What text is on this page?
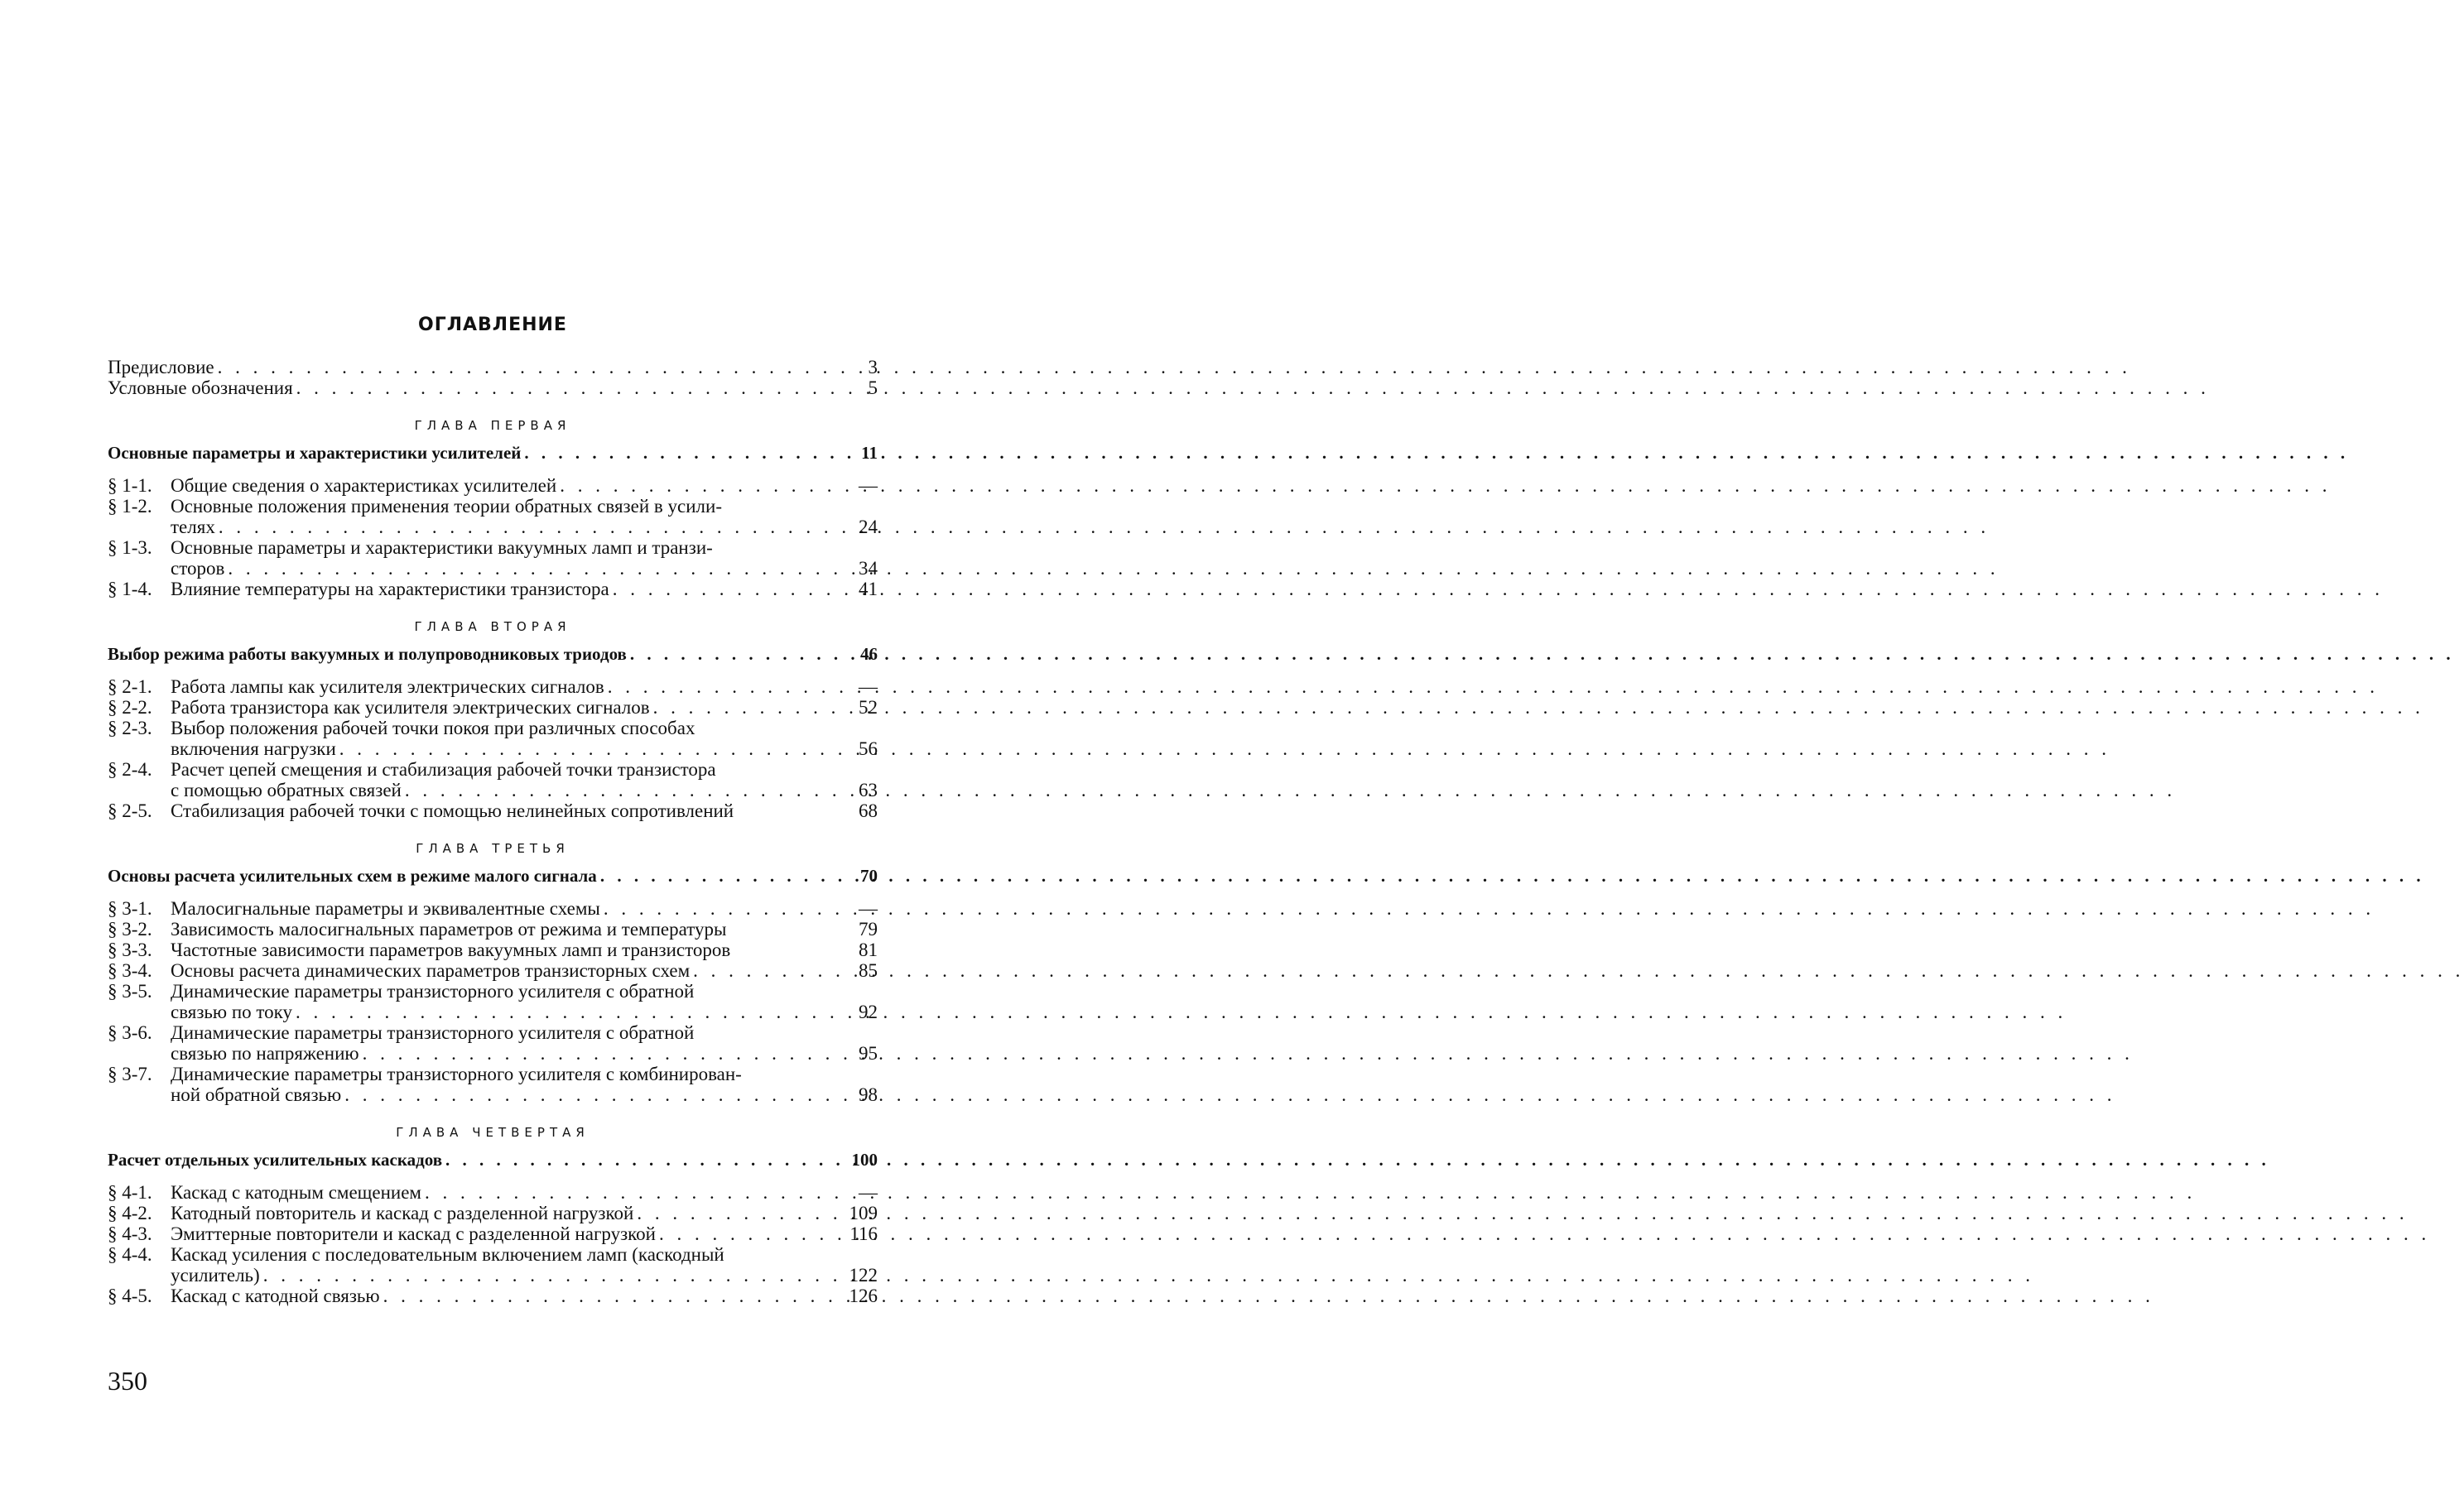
ОГЛАВЛЕНИЕ
Предисловие . . .	3
Условные обозначения . . .	5
ГЛАВА ПЕРВАЯ
Основные параметры и характеристики усилителей . . .	11
§ 1-1. Общие сведения о характеристиках усилителей . . .	—
§ 1-2. Основные положения применения теории обратных связей в усили-
телях . . .	24
§ 1-3. Основные параметры и характеристики вакуумных ламп и транзи-
сторов . . .	34
§ 1-4. Влияние температуры на характеристики транзистора . . .	41
ГЛАВА ВТОРАЯ
Выбор режима работы вакуумных и полупроводниковых триодов . . .	46
§ 2-1. Работа лампы как усилителя электрических сигналов . . .	—
§ 2-2. Работа транзистора как усилителя электрических сигналов . . .	52
§ 2-3. Выбор положения рабочей точки покоя при различных способах
включения нагрузки . . .	56
§ 2-4. Расчет цепей смещения и стабилизация рабочей точки транзистора
с помощью обратных связей . . .	63
§ 2-5. Стабилизация рабочей точки с помощью нелинейных сопротивлений	68
ГЛАВА ТРЕТЬЯ
Основы расчета усилительных схем в режиме малого сигнала . . .	70
§ 3-1. Малосигнальные параметры и эквивалентные схемы . . .	—
§ 3-2. Зависимость малосигнальных параметров от режима и температуры	79
§ 3-3. Частотные зависимости параметров вакуумных ламп и транзисторов	81
§ 3-4. Основы расчета динамических параметров транзисторных схем . . .	85
§ 3-5. Динамические параметры транзисторного усилителя с обратной
связью по току . . .	92
§ 3-6. Динамические параметры транзисторного усилителя с обратной
связью по напряжению . . .	95
§ 3-7. Динамические параметры транзисторного усилителя с комбинирован-
ной обратной связью . . .	98
ГЛАВА ЧЕТВЕРТАЯ
Расчет отдельных усилительных каскадов . . .	100
§ 4-1. Каскад с катодным смещением . . .	—
§ 4-2. Катодный повторитель и каскад с разделенной нагрузкой . . .	109
§ 4-3. Эмиттерные повторители и каскад с разделенной нагрузкой . . .	116
§ 4-4. Каскад усиления с последовательным включением ламп (каскодный
усилитель) . . .	122
§ 4-5. Каскад с катодной связью . . .	126
350
